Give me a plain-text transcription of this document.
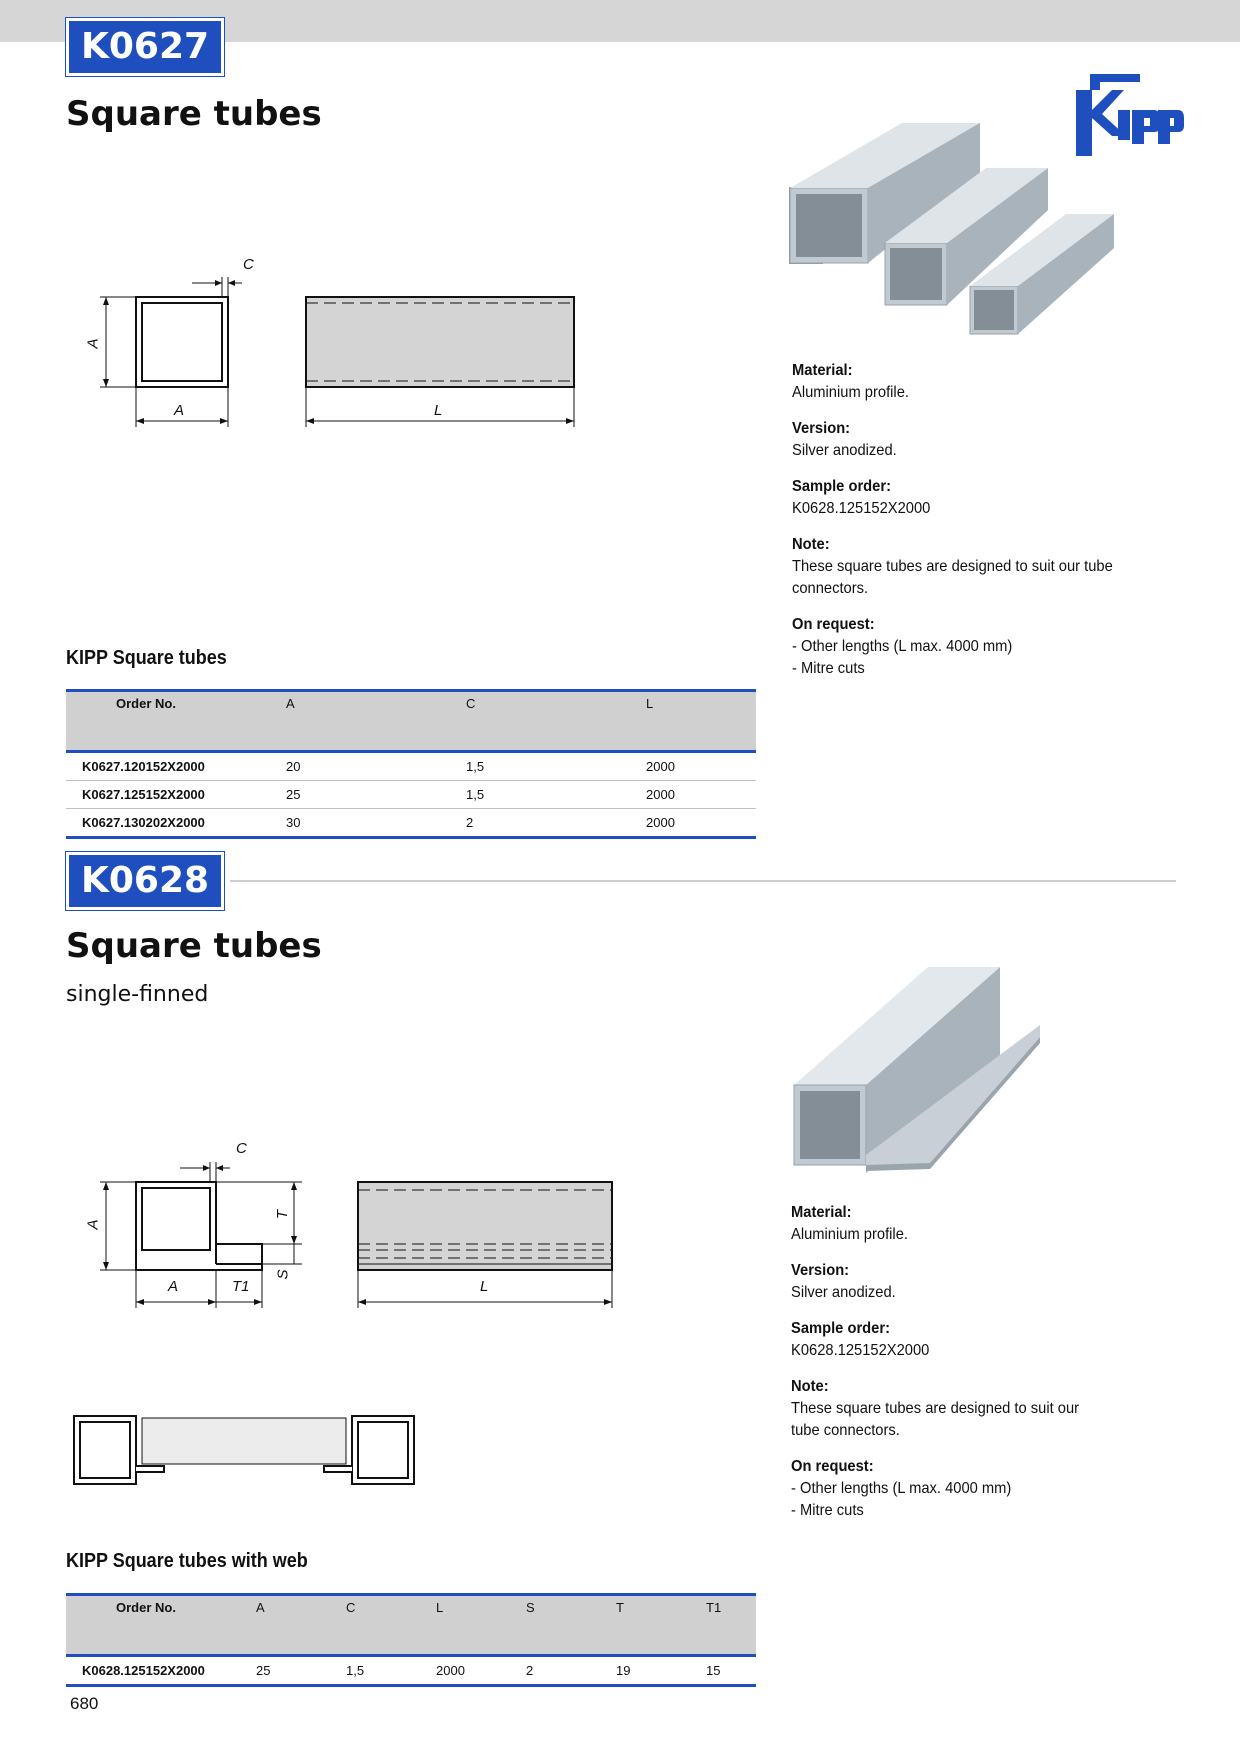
K0627
Square tubes
C
A
A	L
Material:
Aluminium profile.
Version:
Silver anodized.
Sample order:
K0628.125152X2000
Note:
These square tubes are designed to suit our tube
connectors.
On request:
- Other lengths (L max. 4000 mm)
- Mitre cuts
KIPP Square tubes
Order No.	A	C	L
K0627.120152X2000	20	1,5	2000
K0627.125152X2000	25	1,5	2000
K0627.130202X2000	30	2	2000
K0628
Square tubes
single-finned
C
A
T
S
A	T1	L
Material:
Aluminium profile.
Version:
Silver anodized.
Sample order:
K0628.125152X2000
Note:
These square tubes are designed to suit our
tube connectors.
On request:
- Other lengths (L max. 4000 mm)
- Mitre cuts
KIPP Square tubes with web
Order No.	A	C	L	S	T	T1
K0628.125152X2000	25	1,5	2000	2	19	15
680
